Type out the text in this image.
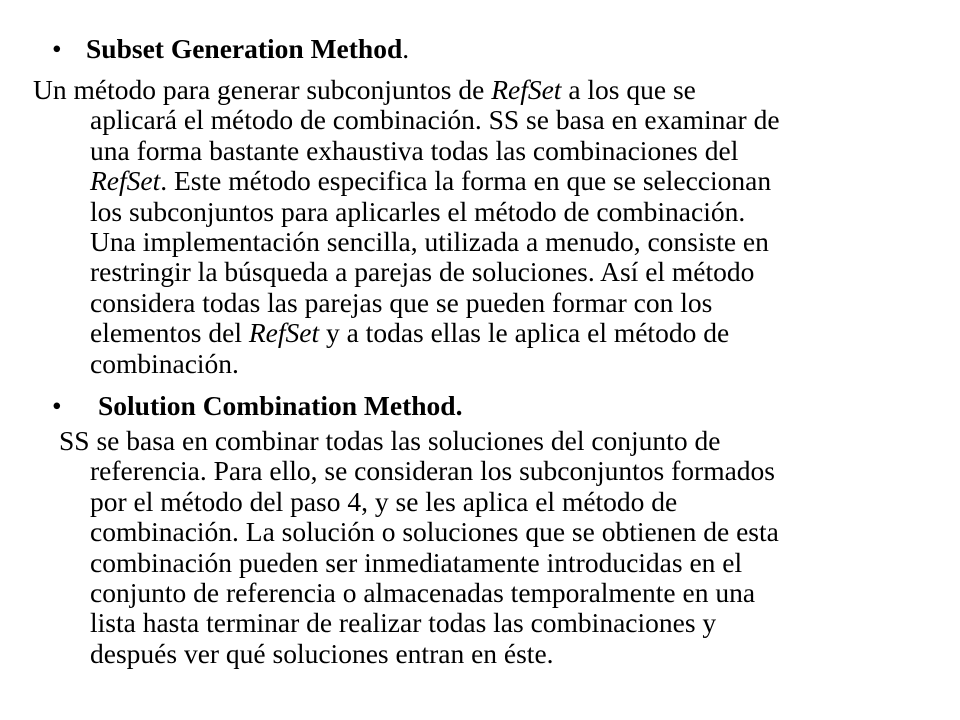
• Subset Generation Method.
Un método para generar subconjuntos de RefSet a los que se
aplicará el método de combinación. SS se basa en examinar de
una forma bastante exhaustiva todas las combinaciones del
RefSet. Este método especifica la forma en que se seleccionan
los subconjuntos para aplicarles el método de combinación.
Una implementación sencilla, utilizada a menudo, consiste en
restringir la búsqueda a parejas de soluciones. Así el método
considera todas las parejas que se pueden formar con los
elementos del RefSet y a todas ellas le aplica el método de
combinación.
• Solution Combination Method.
SS se basa en combinar todas las soluciones del conjunto de
referencia. Para ello, se consideran los subconjuntos formados
por el método del paso 4, y se les aplica el método de
combinación. La solución o soluciones que se obtienen de esta
combinación pueden ser inmediatamente introducidas en el
conjunto de referencia o almacenadas temporalmente en una
lista hasta terminar de realizar todas las combinaciones y
después ver qué soluciones entran en éste.
